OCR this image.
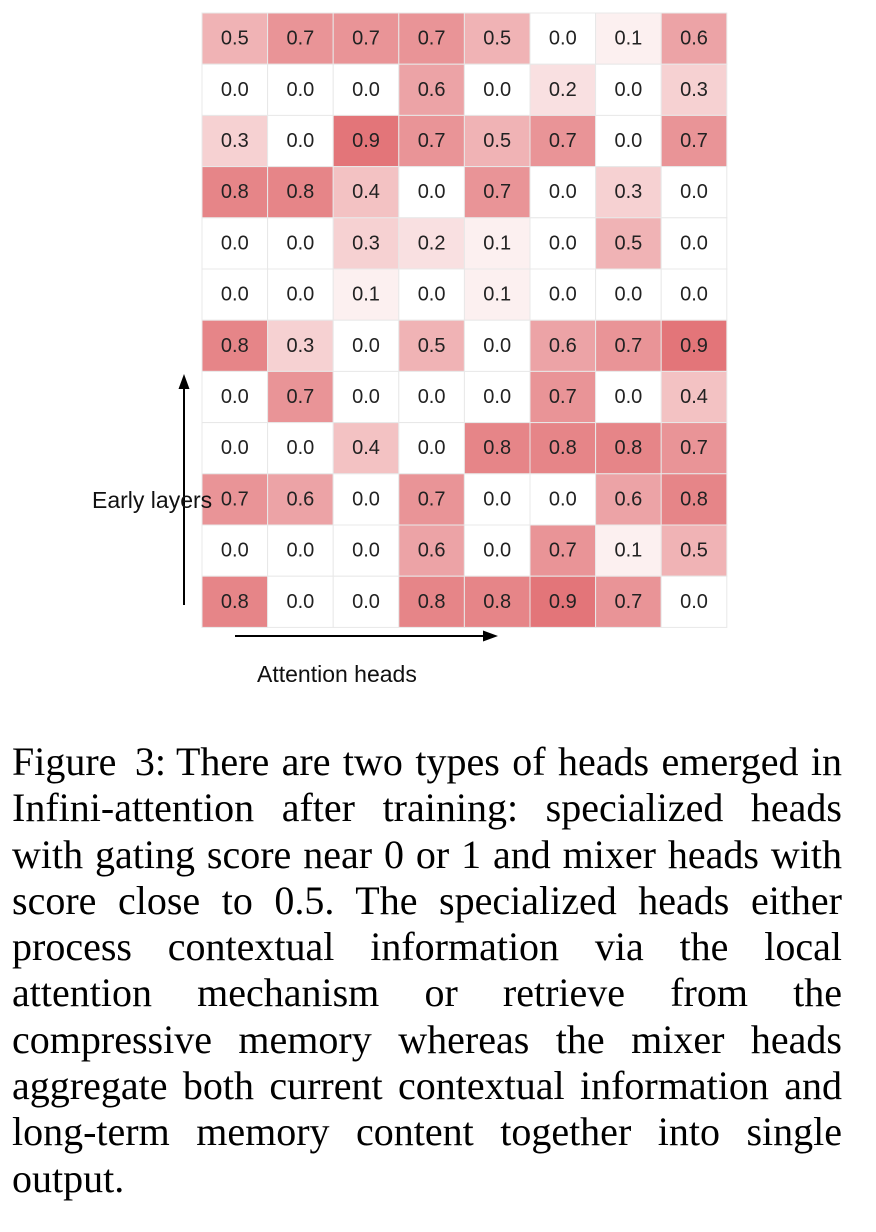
0.5 0.7 0.7 0.7 0.5 0.0 0.1 0.6
0.0 0.0 0.0 0.6 0.0 0.2 0.0 0.3
0.3 0.0 0.9 0.7 0.5 0.7 0.0 0.7
0.8 0.8 0.4 0.0 0.7 0.0 0.3 0.0
0.0 0.0 0.3 0.2 0.1 0.0 0.5 0.0
0.0 0.0 0.1 0.0 0.1 0.0 0.0 0.0
0.8 0.3 0.0 0.5 0.0 0.6 0.7 0.9
0.0 0.7 0.0 0.0 0.0 0.7 0.0 0.4
0.0 0.0 0.4 0.0 0.8 0.8 0.8 0.7
0.7 0.6 0.0 0.7 0.0 0.0 0.6 0.8
0.0 0.0 0.0 0.6 0.0 0.7 0.1 0.5
0.8 0.0 0.0 0.8 0.8 0.9 0.7 0.0
Early layers
Attention heads

Figure 3: There are two types of heads emerged in Infini-attention after training: specialized heads with gating score near 0 or 1 and mixer heads with score close to 0.5. The specialized heads either process contextual information via the local attention mechanism or retrieve from the compressive memory whereas the mixer heads aggregate both current contextual information and long-term memory content together into single output.
